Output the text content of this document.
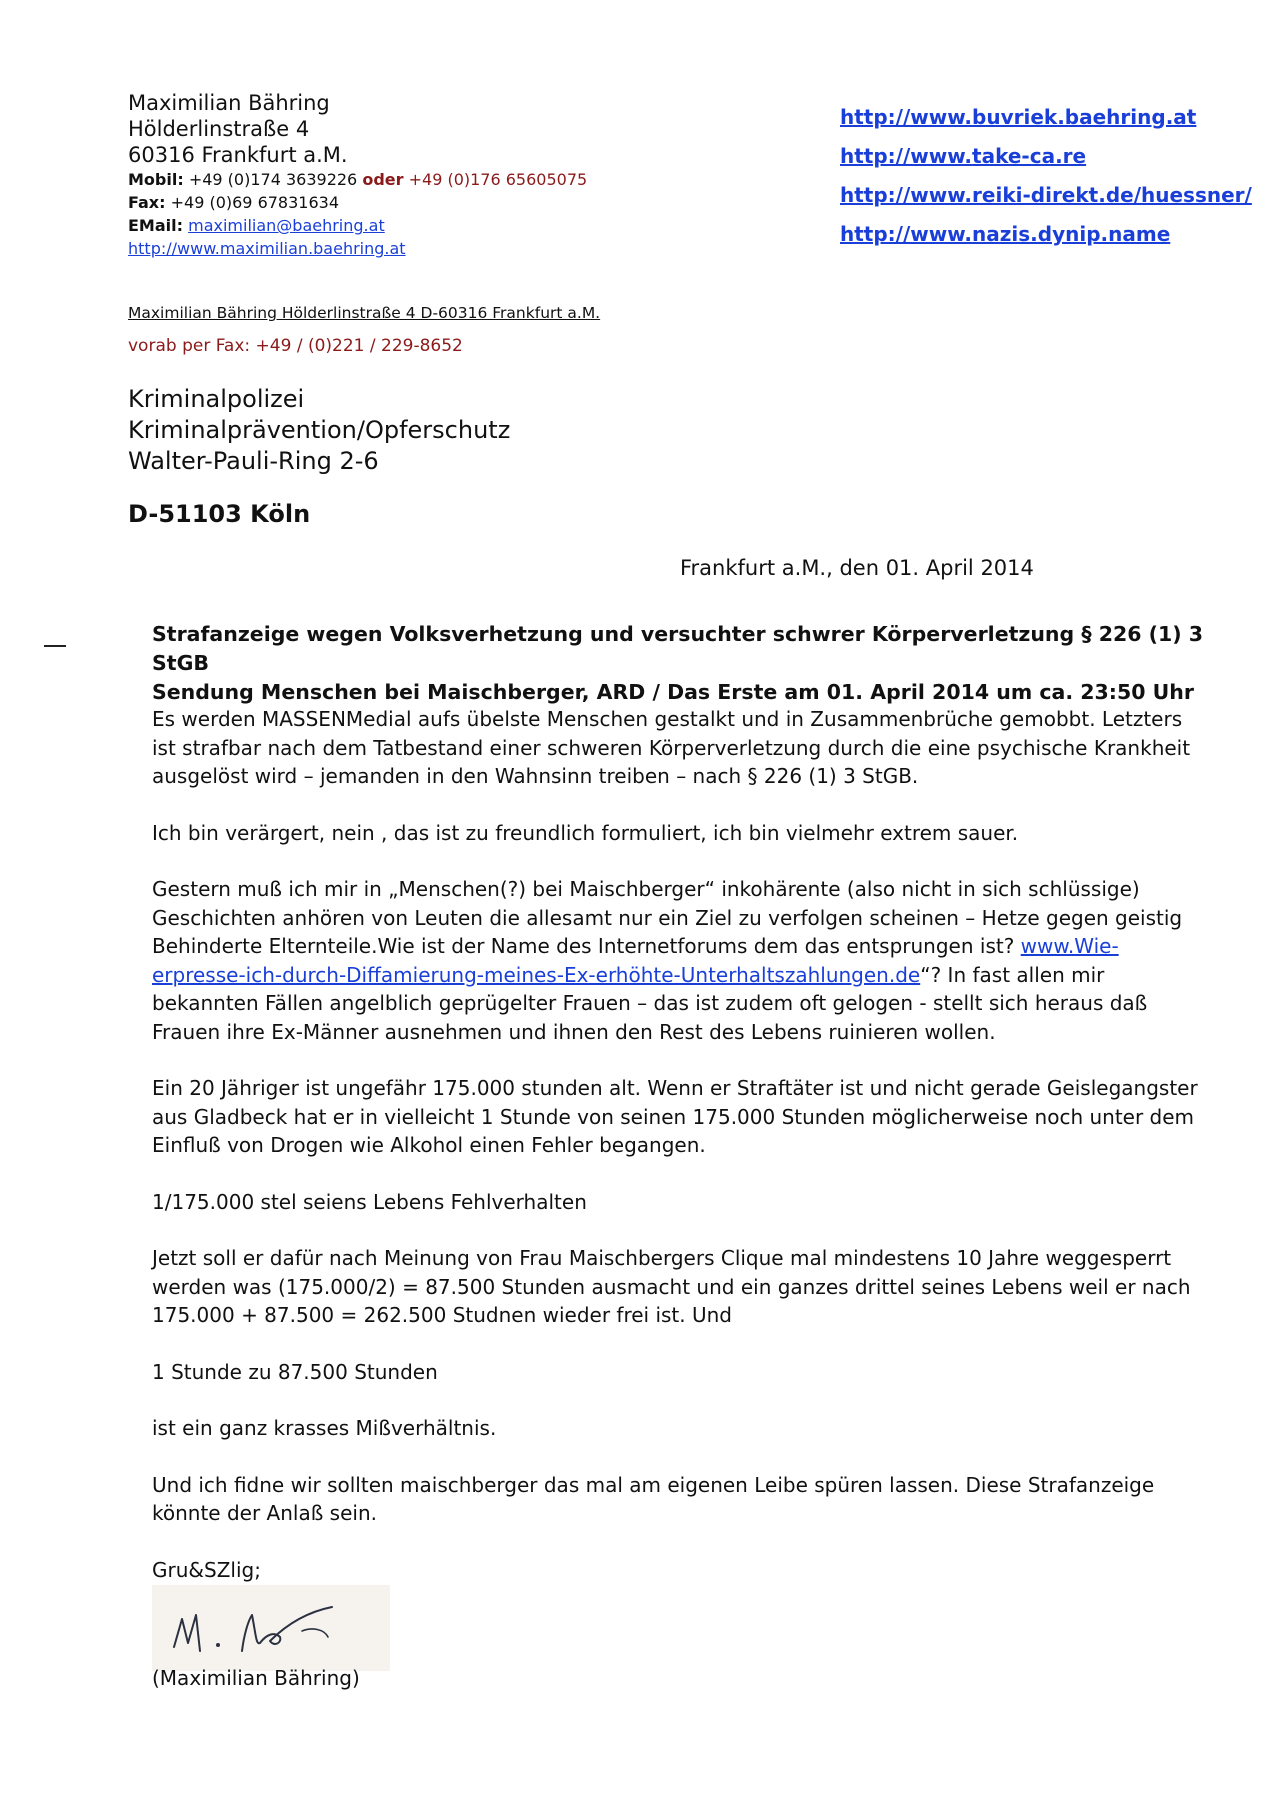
Maximilian Bähring
Hölderlinstraße 4
60316 Frankfurt a.M.
Mobil: +49 (0)174 3639226 oder +49 (0)176 65605075
Fax: +49 (0)69 67831634
EMail: maximilian@baehring.at
http://www.maximilian.baehring.at
http://www.buvriek.baehring.at
http://www.take-ca.re
http://www.reiki-direkt.de/huessner/
http://www.nazis.dynip.name
Maximilian Bähring Hölderlinstraße 4 D-60316 Frankfurt a.M.
vorab per Fax: +49 / (0)221 / 229-8652
Kriminalpolizei
Kriminalprävention/Opferschutz
Walter-Pauli-Ring 2-6
D-51103 Köln
Frankfurt a.M., den 01. April 2014
Strafanzeige wegen Volksverhetzung und versuchter schwrer Körperverletzung § 226 (1) 3 StGB
Sendung Menschen bei Maischberger, ARD / Das Erste am 01. April 2014 um ca. 23:50 Uhr

Es werden MASSENMedial aufs übelste Menschen gestalkt und in Zusammenbrüche gemobbt. Letzters ist strafbar nach dem Tatbestand einer schweren Körperverletzung durch die eine psychische Krankheit ausgelöst wird – jemanden in den Wahnsinn treiben – nach § 226 (1) 3 StGB.

Ich bin verärgert, nein , das ist zu freundlich formuliert, ich bin vielmehr extrem sauer.

Gestern muß ich mir in „Menschen(?) bei Maischberger“ inkohärente (also nicht in sich schlüssige) Geschichten anhören von Leuten die allesamt nur ein Ziel zu verfolgen scheinen – Hetze gegen geistig Behinderte Elternteile.Wie ist der Name des Internetforums dem das entsprungen ist? www.Wie-erpresse-ich-durch-Diffamierung-meines-Ex-erhöhte-Unterhaltszahlungen.de“? In fast allen mir bekannten Fällen angelblich geprügelter Frauen – das ist zudem oft gelogen - stellt sich heraus daß Frauen ihre Ex-Männer ausnehmen und ihnen den Rest des Lebens ruinieren wollen.

Ein 20 Jähriger ist ungefähr 175.000 stunden alt. Wenn er Straftäter ist und nicht gerade Geislegangster aus Gladbeck hat er in vielleicht 1 Stunde von seinen 175.000 Stunden möglicherweise noch unter dem Einfluß von Drogen wie Alkohol einen Fehler begangen.

1/175.000 stel seiens Lebens Fehlverhalten

Jetzt soll er dafür nach Meinung von Frau Maischbergers Clique mal mindestens 10 Jahre weggesperrt werden was (175.000/2) = 87.500 Stunden ausmacht und ein ganzes drittel seines Lebens weil er nach 175.000 + 87.500 = 262.500 Studnen wieder frei ist. Und

1 Stunde zu 87.500 Stunden

ist ein ganz krasses Mißverhältnis.

Und ich fidne wir sollten maischberger das mal am eigenen Leibe spüren lassen. Diese Strafanzeige könnte der Anlaß sein.

Gru&SZlig;

(Maximilian Bähring)
